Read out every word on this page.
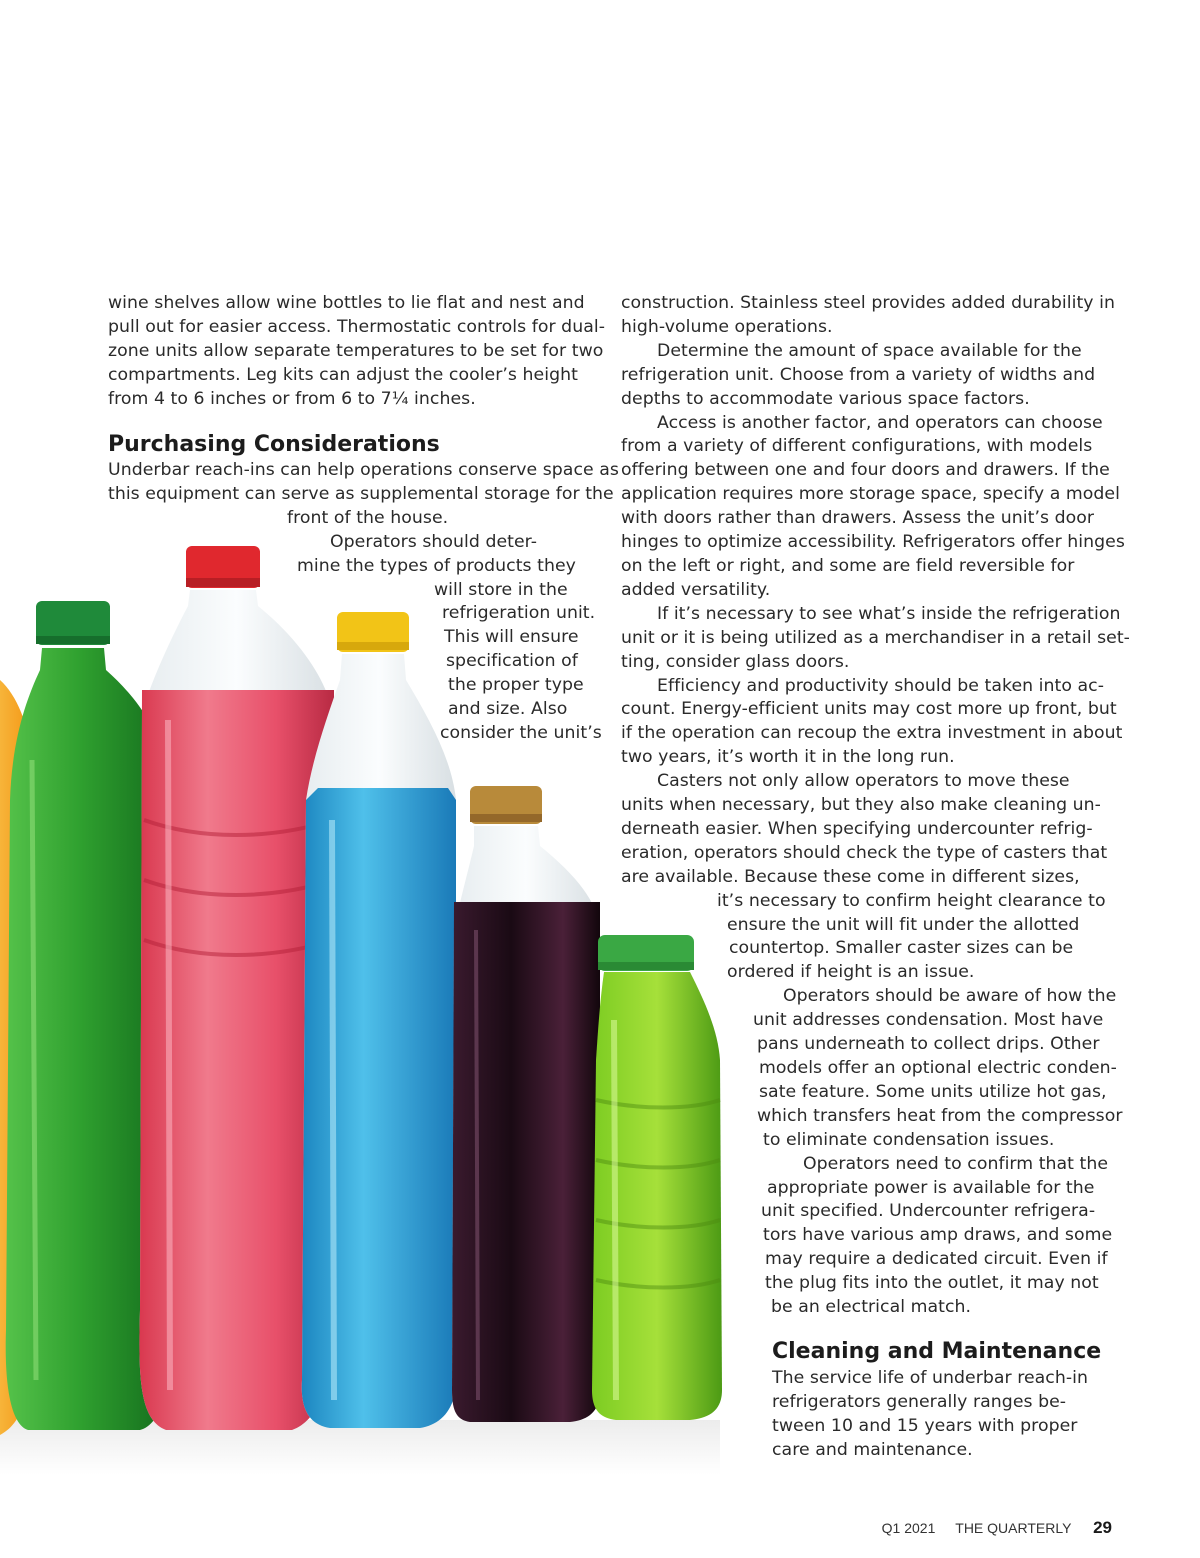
wine shelves allow wine bottles to lie flat and nest and
pull out for easier access. Thermostatic controls for dual-
zone units allow separate temperatures to be set for two
compartments. Leg kits can adjust the cooler’s height
from 4 to 6 inches or from 6 to 7¼ inches.
Purchasing Considerations
Underbar reach-ins can help operations conserve space as
this equipment can serve as supplemental storage for the
front of the house.
Operators should deter-
mine the types of products they
will store in the
refrigeration unit.
This will ensure
specification of
the proper type
and size. Also
consider the unit’s
construction. Stainless steel provides added durability in
high-volume operations.
Determine the amount of space available for the
refrigeration unit. Choose from a variety of widths and
depths to accommodate various space factors.
Access is another factor, and operators can choose
from a variety of different configurations, with models
offering between one and four doors and drawers. If the
application requires more storage space, specify a model
with doors rather than drawers. Assess the unit’s door
hinges to optimize accessibility. Refrigerators offer hinges
on the left or right, and some are field reversible for
added versatility.
If it’s necessary to see what’s inside the refrigeration
unit or it is being utilized as a merchandiser in a retail set-
ting, consider glass doors.
Efficiency and productivity should be taken into ac-
count. Energy-efficient units may cost more up front, but
if the operation can recoup the extra investment in about
two years, it’s worth it in the long run.
Casters not only allow operators to move these
units when necessary, but they also make cleaning un-
derneath easier. When specifying undercounter refrig-
eration, operators should check the type of casters that
are available. Because these come in different sizes,
it’s necessary to confirm height clearance to
ensure the unit will fit under the allotted
countertop. Smaller caster sizes can be
ordered if height is an issue.
Operators should be aware of how the
unit addresses condensation. Most have
pans underneath to collect drips. Other
models offer an optional electric conden-
sate feature. Some units utilize hot gas,
which transfers heat from the compressor
to eliminate condensation issues.
Operators need to confirm that the
appropriate power is available for the
unit specified. Undercounter refrigera-
tors have various amp draws, and some
may require a dedicated circuit. Even if
the plug fits into the outlet, it may not
be an electrical match.
Cleaning and Maintenance
The service life of underbar reach-in
refrigerators generally ranges be-
tween 10 and 15 years with proper
care and maintenance.
Q1 2021 THE QUARTERLY 29
